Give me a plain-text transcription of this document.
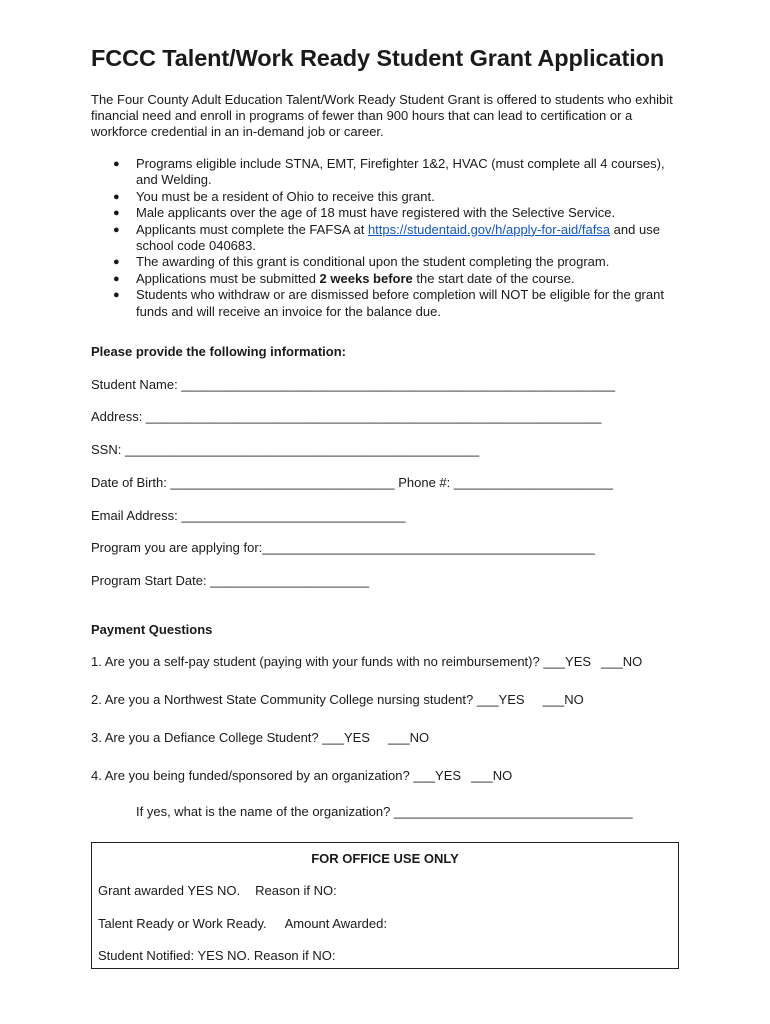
FCCC Talent/Work Ready Student Grant Application

The Four County Adult Education Talent/Work Ready Student Grant is offered to students who exhibit financial need and enroll in programs of fewer than 900 hours that can lead to certification or a workforce credential in an in-demand job or career.

● Programs eligible include STNA, EMT, Firefighter 1&2, HVAC (must complete all 4 courses), and Welding.
● You must be a resident of Ohio to receive this grant.
● Male applicants over the age of 18 must have registered with the Selective Service.
● Applicants must complete the FAFSA at https://studentaid.gov/h/apply-for-aid/fafsa and use school code 040683.
● The awarding of this grant is conditional upon the student completing the program.
● Applications must be submitted 2 weeks before the start date of the course.
● Students who withdraw or are dismissed before completion will NOT be eligible for the grant funds and will receive an invoice for the balance due.

Please provide the following information:

Student Name: ____________________________________________________________

Address: _______________________________________________________________

SSN: _________________________________________________

Date of Birth: _______________________________ Phone #: ______________________

Email Address: _______________________________

Program you are applying for:______________________________________________

Program Start Date: ______________________

Payment Questions

1. Are you a self-pay student (paying with your funds with no reimbursement)? ___YES ___NO

2. Are you a Northwest State Community College nursing student? ___YES ___NO

3. Are you a Defiance College Student? ___YES ___NO

4. Are you being funded/sponsored by an organization? ___YES ___NO

If yes, what is the name of the organization? _________________________________

FOR OFFICE USE ONLY
Grant awarded YES NO. Reason if NO:
Talent Ready or Work Ready. Amount Awarded:
Student Notified: YES NO. Reason if NO:
